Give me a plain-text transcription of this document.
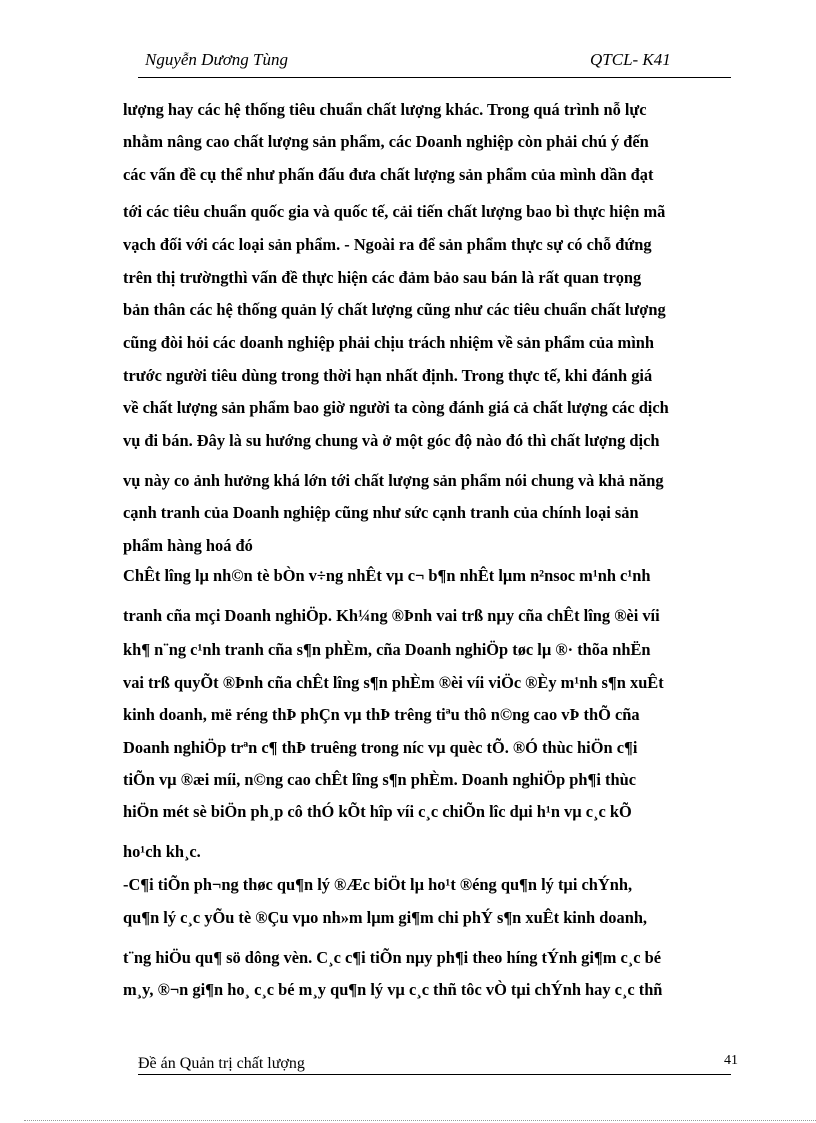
Nguyễn Dương Tùng	QTCL- K41
lượng hay các hệ thống tiêu chuẩn chất lượng khác. Trong quá trình nỗ lực
nhằm nâng cao chất lượng sản phẩm, các Doanh nghiệp còn phải chú ý đến
các vấn đề cụ thể như phấn đấu đưa chất lượng sản phẩm của mình dần đạt
tới các tiêu chuẩn quốc gia và quốc tế, cải tiến chất lượng bao bì thực hiện mã
vạch đối với các loại sản phẩm. - Ngoài ra để sản phẩm thực sự có chỗ đứng
trên thị trườngthì vấn đề thực hiện các đảm bảo sau bán là rất quan trọng
bản thân các hệ thống quản lý chất lượng cũng như các tiêu chuẩn chất lượng
cũng đòi hỏi các doanh nghiệp phải chịu trách nhiệm về sản phẩm của mình
trước người tiêu dùng trong thời hạn nhất định. Trong thực tế, khi đánh giá
về chất lượng sản phẩm bao giờ người ta còng đánh giá cả chất lượng các dịch
vụ đi bán. Đây là su hướng chung và ở một góc độ nào đó thì chất lượng dịch
vụ này co ảnh hưởng khá lớn tới chất lượng sản phẩm nói chung và khả năng
cạnh tranh của Doanh nghiệp cũng như sức cạnh tranh của chính loại sản
phẩm hàng hoá đó
ChÊt lîng lµ nh©n tè bÒn v÷ng nhÊt vµ c¬ b¶n nhÊt lµm n²nsoc m¹nh c¹nh
tranh cña mçi Doanh nghiÖp. Kh¼ng ®Þnh vai trß nµy cña chÊt lîng ®èi víi
kh¶ n¨ng c¹nh tranh cña s¶n phÈm, cña Doanh nghiÖp tøc lµ ®· thõa nhËn
vai trß quyÕt ®Þnh cña chÊt lîng s¶n phÈm ®èi víi viÖc ®Èy m¹nh s¶n xuÊt
kinh doanh, më réng thÞ phÇn vµ thÞ trêng tiªu thô n©ng cao vÞ thÕ cña
Doanh nghiÖp trªn c¶ thÞ truêng trong níc vµ quèc tÕ. ®Ó thùc hiÖn c¶i
tiÕn vµ ®æi míi, n©ng cao chÊt lîng s¶n phÈm. Doanh nghiÖp ph¶i thùc
hiÖn mét sè biÖn ph¸p cô thÓ kÕt hîp víi c¸c chiÕn lîc dµi h¹n vµ c¸c kÕ
ho¹ch kh¸c.
-C¶i tiÕn ph¬ng thøc qu¶n lý ®Æc biÖt lµ ho¹t ®éng qu¶n lý tµi chÝnh,
qu¶n lý c¸c yÕu tè ®Çu vµo nh»m lµm gi¶m chi phÝ s¶n xuÊt kinh doanh,
t¨ng hiÖu qu¶ sö dông vèn. C¸c c¶i tiÕn nµy ph¶i theo híng tÝnh gi¶m c¸c bé
m¸y, ®¬n gi¶n ho¸ c¸c bé m¸y qu¶n lý vµ c¸c thñ tôc vÒ tµi chÝnh hay c¸c thñ
Đề án Quản trị chất lượng	41
